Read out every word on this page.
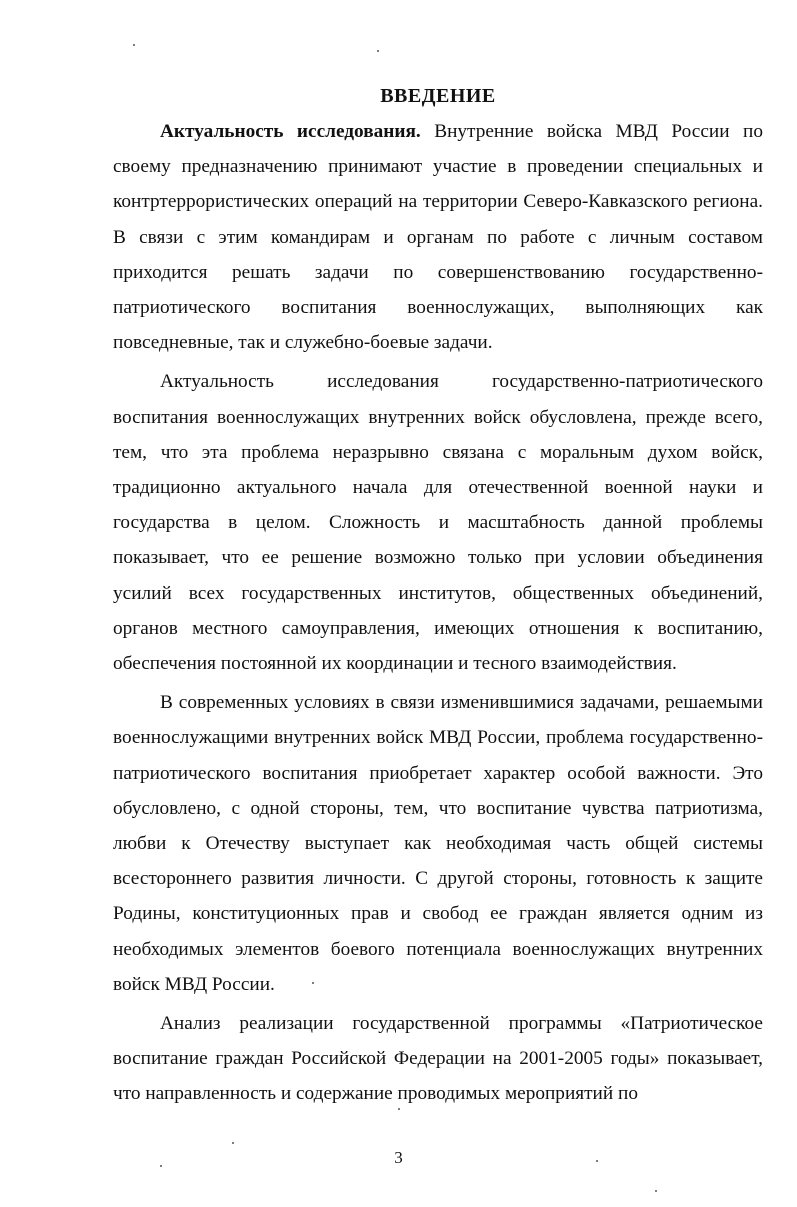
ВВЕДЕНИЕ

Актуальность исследования. Внутренние войска МВД России по своему предназначению принимают участие в проведении специальных и контртеррористических операций на территории Северо-Кавказского региона. В связи с этим командирам и органам по работе с личным составом приходится решать задачи по совершенствованию государственно-патриотического воспитания военнослужащих, выполняющих как повседневные, так и служебно-боевые задачи.

Актуальность исследования государственно-патриотического воспитания военнослужащих внутренних войск обусловлена, прежде всего, тем, что эта проблема неразрывно связана с моральным духом войск, традиционно актуального начала для отечественной военной науки и государства в целом. Сложность и масштабность данной проблемы показывает, что ее решение возможно только при условии объединения усилий всех государственных институтов, общественных объединений, органов местного самоуправления, имеющих отношения к воспитанию, обеспечения постоянной их координации и тесного взаимодействия.

В современных условиях в связи изменившимися задачами, решаемыми военнослужащими внутренних войск МВД России, проблема государственно-патриотического воспитания приобретает характер особой важности. Это обусловлено, с одной стороны, тем, что воспитание чувства патриотизма, любви к Отечеству выступает как необходимая часть общей системы всестороннего развития личности. С другой стороны, готовность к защите Родины, конституционных прав и свобод ее граждан является одним из необходимых элементов боевого потенциала военнослужащих внутренних войск МВД России.

Анализ реализации государственной программы «Патриотическое воспитание граждан Российской Федерации на 2001-2005 годы» показывает, что направленность и содержание проводимых мероприятий по

3
